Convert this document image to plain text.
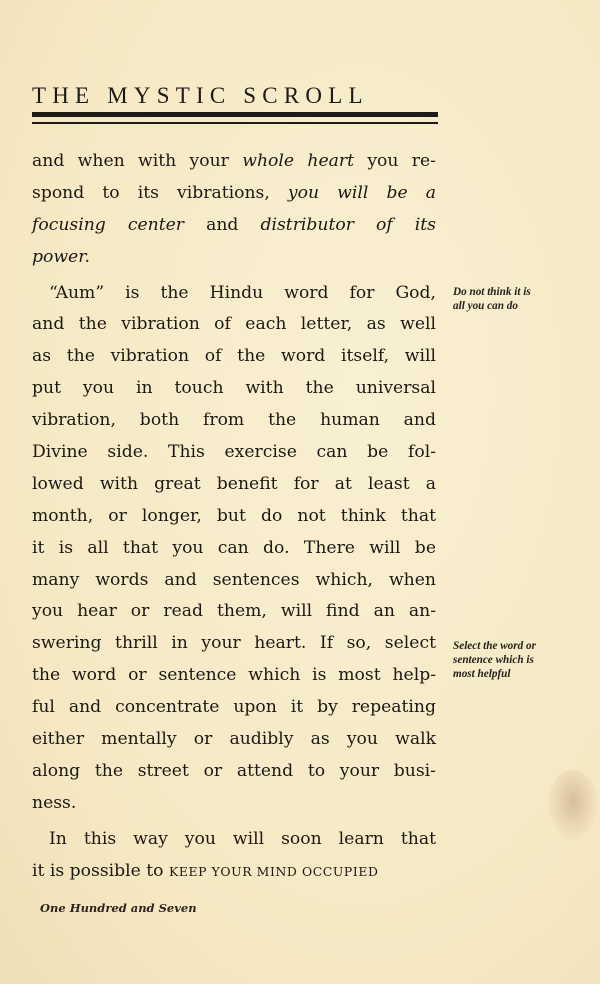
THE MYSTIC SCROLL
and when with your whole heart you re-
spond to its vibrations, you will be a
focusing center and distributor of its
power.
“Aum” is the Hindu word for God,
and the vibration of each letter, as well
as the vibration of the word itself, will
put you in touch with the universal
vibration, both from the human and
Divine side. This exercise can be fol-
lowed with great benefit for at least a
month, or longer, but do not think that
it is all that you can do. There will be
many words and sentences which, when
you hear or read them, will find an an-
swering thrill in your heart. If so, select
the word or sentence which is most help-
ful and concentrate upon it by repeating
either mentally or audibly as you walk
along the street or attend to your busi-
ness.
In this way you will soon learn that
it is possible to KEEP YOUR MIND OCCUPIED
Do not think it is
all you can do
Select the word or
sentence which is
most helpful
One Hundred and Seven
